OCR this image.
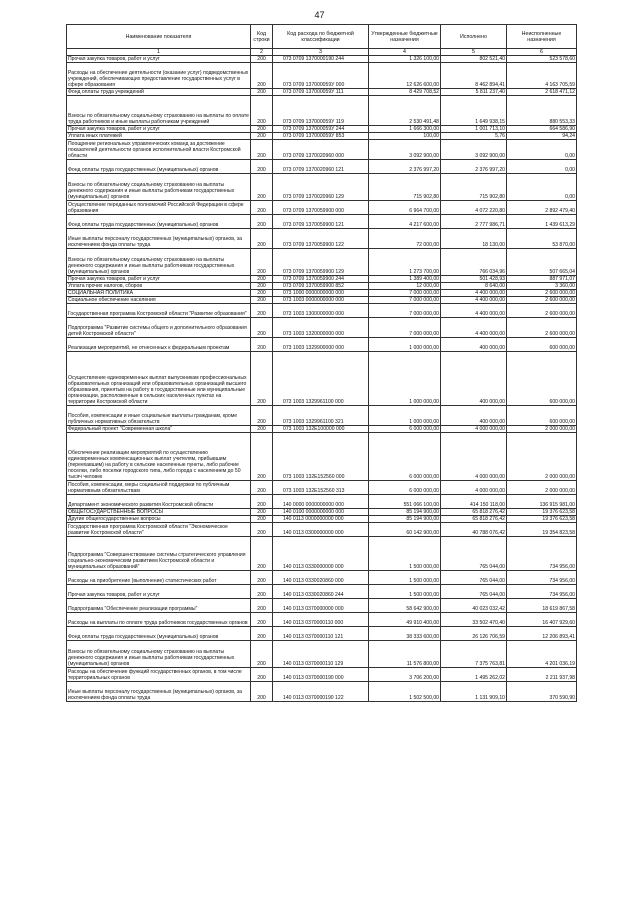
47
Наименование показателя	Код строки	Код расхода по бюджетной классификации	Утвержденные бюджетные назначения	Исполнено	Неисполненные назначения
1	2	3	4	5	6
Прочая закупка товаров, работ и услуг	200	073 0709 1370000190 244	1 326 100,00	802 521,40	523 578,60
Расходы на обеспечение деятельности (оказание услуг) подведомственных учреждений, обеспечивающих предоставление государственных услуг в сфере образования	200	073 0709 137000059У 000	12 626 600,00	8 462 894,41	4 163 705,59
Фонд оплаты труда учреждений	200	073 0709 137000059У 111	8 429 708,52	5 811 237,40	2 618 471,12
Взносы по обязательному социальному страхованию на выплаты по оплате труда работников и иные выплаты работникам учреждений	200	073 0709 137000059У 119	2 530 491,48	1 649 938,15	880 553,33
Прочая закупка товаров, работ и услуг	200	073 0709 137000059У 244	1 666 300,00	1 001 713,10	664 586,90
Уплата иных платежей	200	073 0709 137000059У 853	100,00	5,76	94,24
Поощрение региональных управленческих команд за достижение показателей деятельности органов исполнительной власти Костромской области	200	073 0709 1370020960 000	3 092 900,00	3 092 900,00	0,00
Фонд оплаты труда государственных (муниципальных) органов	200	073 0709 1370020960 121	2 376 997,20	2 376 997,20	0,00
Взносы по обязательному социальному страхованию на выплаты денежного содержания и иные выплаты работникам государственных (муниципальных) органов	200	073 0709 1370020960 129	715 902,80	715 902,80	0,00
Осуществление переданных полномочий Российской Федерации в сфере образования	200	073 0709 1370059900 000	6 964 700,00	4 072 220,80	2 892 479,40
Фонд оплаты труда государственных (муниципальных) органов	200	073 0709 1370059900 121	4 217 600,00	2 777 986,71	1 439 613,29
Иные выплаты персоналу государственных (муниципальных) органов, за исключением фонда оплаты труда	200	073 0709 1370059900 122	72 000,00	18 130,00	53 870,00
Взносы по обязательному социальному страхованию на выплаты денежного содержания и иные выплаты работникам государственных (муниципальных) органов	200	073 0709 1370059900 129	1 273 700,00	766 034,96	507 665,04
Прочая закупка товаров, работ и услуг	200	073 0709 1370059900 244	1 389 400,00	501 428,93	887 971,07
Уплата прочих налогов, сборов	200	073 0709 1370059900 852	12 000,00	8 640,00	3 360,00
СОЦИАЛЬНАЯ ПОЛИТИКА	200	073 1000 0000000000 000	7 000 000,00	4 400 000,00	2 600 000,00
Социальное обеспечение населения	200	073 1003 0000000000 000	7 000 000,00	4 400 000,00	2 600 000,00
Государственная программа Костромской области "Развитие образования"	200	073 1003 1300000000 000	7 000 000,00	4 400 000,00	2 600 000,00
Подпрограмма "Развитие системы общего и дополнительного образования детей Костромской области"	200	073 1003 1320000000 000	7 000 000,00	4 400 000,00	2 600 000,00
Реализация мероприятий, не отнесенных к федеральным проектам	200	073 1003 1329900000 000	1 000 000,00	400 000,00	600 000,00
Осуществление единовременных выплат выпускникам профессиональных образовательных организаций или образовательных организаций высшего образования, принятым на работу в государственные или муниципальные организации, расположенные в сельских населенных пунктах на территории Костромской области	200	073 1003 1329961100 000	1 000 000,00	400 000,00	600 000,00
Пособия, компенсации и иные социальные выплаты гражданам, кроме публичных нормативных обязательств	200	073 1003 1329961100 321	1 000 000,00	400 000,00	600 000,00
Федеральный проект "Современная школа"	200	073 1003 132E100000 000	6 000 000,00	4 000 000,00	2 000 000,00
Обеспечение реализации мероприятий по осуществлению единовременных компенсационных выплат учителям, прибывшим (переехавшим) на работу в сельские населенные пункты, либо рабочие поселки, либо поселки городского типа, либо города с населением до 50 тысяч человек	200	073 1003 132E152560 000	6 000 000,00	4 000 000,00	2 000 000,00
Пособия, компенсации, меры социальной поддержки по публичным нормативным обязательствам	200	073 1003 132E152560 313	6 000 000,00	4 000 000,00	2 000 000,00
Департамент экономического развития Костромской области	200	140 0000 0000000000 000	551 066 100,00	414 150 118,00	136 915 981,00
ОБЩЕГОСУДАРСТВЕННЫЕ ВОПРОСЫ	200	140 0100 0000000000 000	85 194 900,00	65 818 276,42	19 376 623,58
Другие общегосударственные вопросы	200	140 0113 0000000000 000	85 194 900,00	65 818 276,42	19 376 623,58
Государственная программа Костромской области "Экономическое развитие Костромской области"	200	140 0113 0300000000 000	60 142 900,00	40 788 076,42	19 354 823,58
Подпрограмма "Совершенствование системы стратегического управления социально-экономическим развитием Костромской области и муниципальных образований"	200	140 0113 0330000000 000	1 500 000,00	765 044,00	734 956,00
Расходы на приобретение (выполнение) статистических работ	200	140 0113 0330020860 000	1 500 000,00	765 044,00	734 956,00
Прочая закупка товаров, работ и услуг	200	140 0113 0330020860 244	1 500 000,00	765 044,00	734 956,00
Подпрограмма "Обеспечение реализации программы"	200	140 0113 0370000000 000	58 642 900,00	40 023 032,42	18 619 867,58
Расходы на выплаты по оплате труда работников государственных органов	200	140 0113 0370000110 000	49 910 400,00	33 502 470,40	16 407 929,60
Фонд оплаты труда государственных (муниципальных) органов	200	140 0113 0370000110 121	38 333 600,00	26 126 706,59	12 206 893,41
Взносы по обязательному социальному страхованию на выплаты денежного содержания и иные выплаты работникам государственных (муниципальных) органов	200	140 0113 0370000110 129	11 576 800,00	7 375 763,81	4 201 036,19
Расходы на обеспечение функций государственных органов, в том числе территориальных органов	200	140 0113 0370000190 000	3 706 200,00	1 495 262,02	2 211 937,98
Иные выплаты персоналу государственных (муниципальных) органов, за исключением фонда оплаты труда	200	140 0113 0370000190 122	1 502 500,00	1 131 909,10	370 590,90
